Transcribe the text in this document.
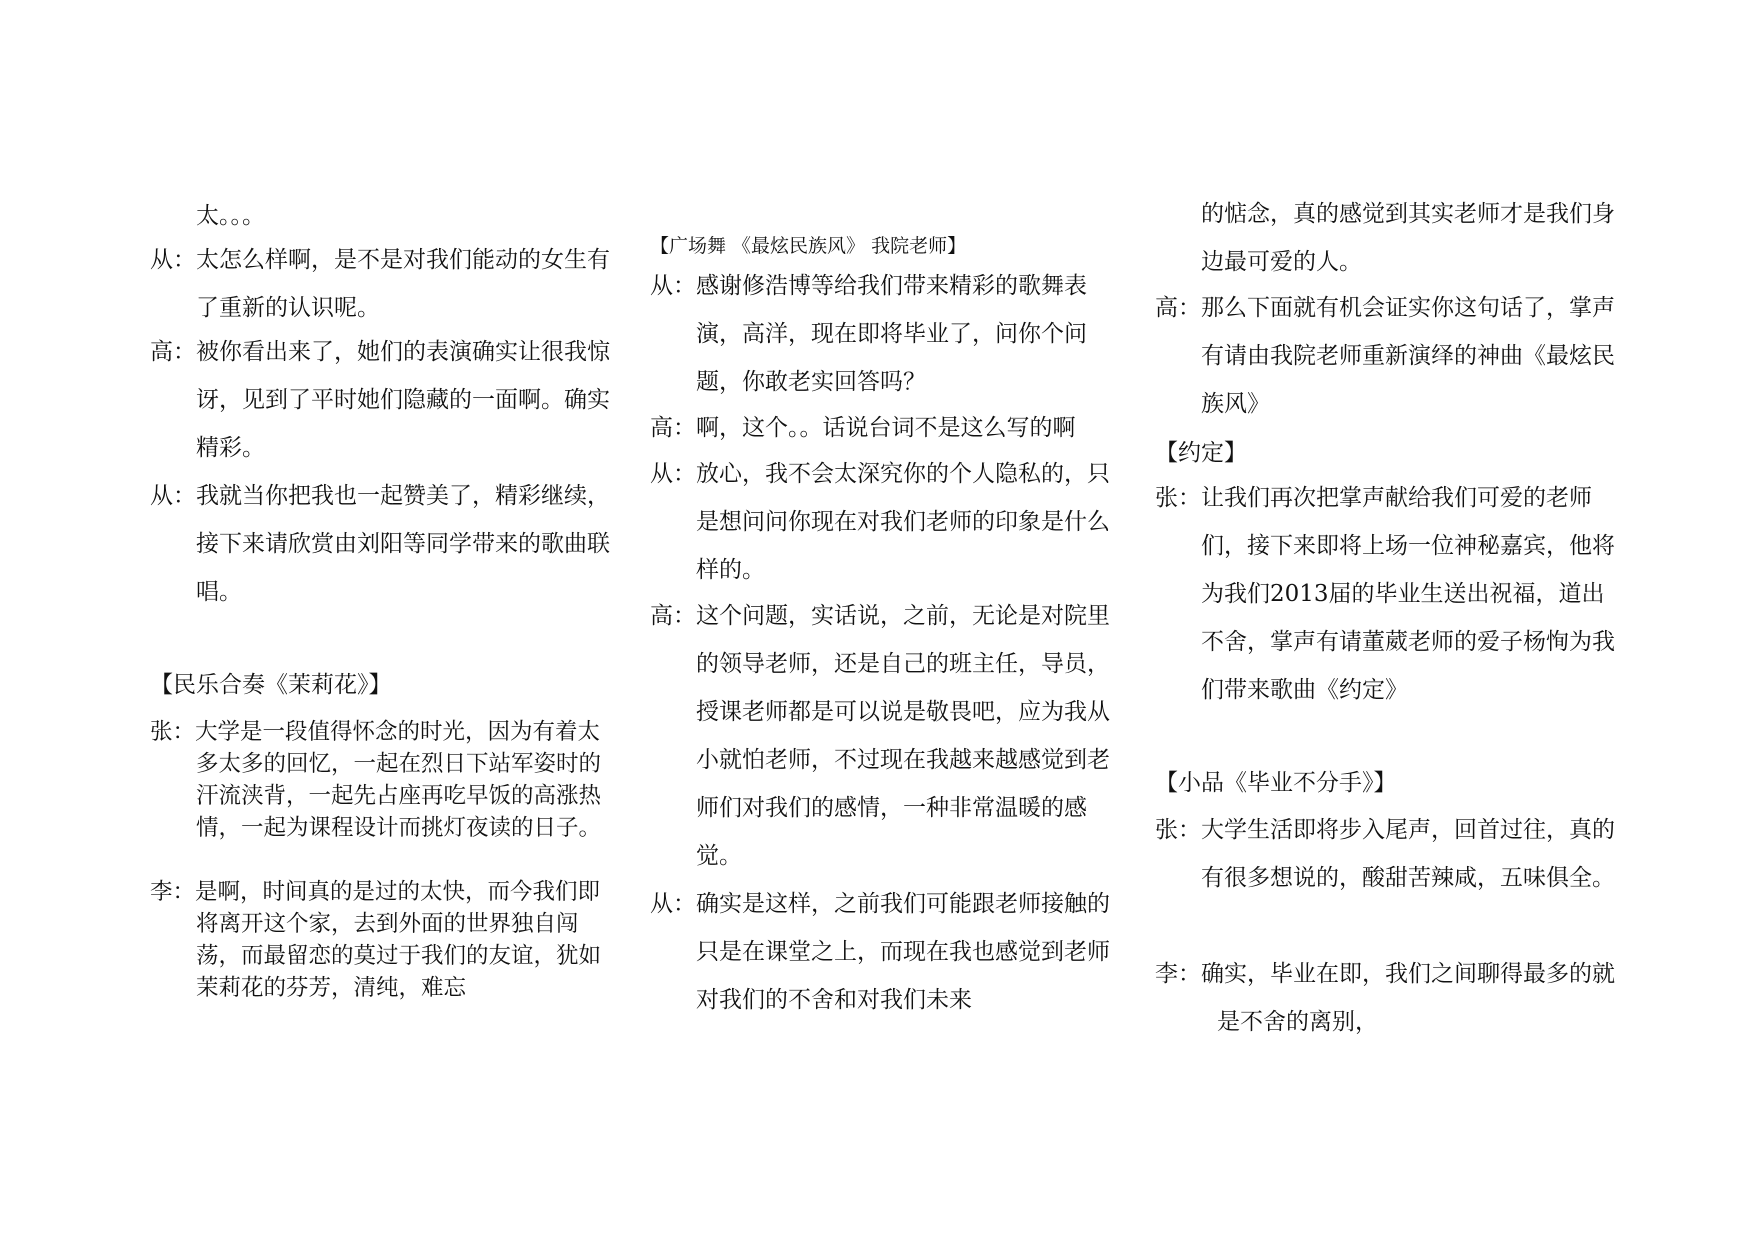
太。。。
从：太怎么样啊，是不是对我们能动的女生有了重新的认识呢。
高：被你看出来了，她们的表演确实让很我惊讶，见到了平时她们隐藏的一面啊。确实精彩。
从：我就当你把我也一起赞美了，精彩继续，接下来请欣赏由刘阳等同学带来的歌曲联唱。
【民乐合奏《茉莉花》】
张：大学是一段值得怀念的时光，因为有着太多太多的回忆，一起在烈日下站军姿时的汗流浃背，一起先占座再吃早饭的高涨热情，一起为课程设计而挑灯夜读的日子。
李：是啊，时间真的是过的太快，而今我们即将离开这个家，去到外面的世界独自闯荡，而最留恋的莫过于我们的友谊，犹如茉莉花的芬芳，清纯，难忘
【广场舞 《最炫民族风》 我院老师】
从：感谢修浩博等给我们带来精彩的歌舞表演，高洋，现在即将毕业了，问你个问题，你敢老实回答吗？
高：啊，这个。。话说台词不是这么写的啊
从：放心，我不会太深究你的个人隐私的，只是想问问你现在对我们老师的印象是什么样的。
高：这个问题，实话说，之前，无论是对院里的领导老师，还是自己的班主任，导员，授课老师都是可以说是敬畏吧，应为我从小就怕老师，不过现在我越来越感觉到老师们对我们的感情，一种非常温暖的感觉。
从：确实是这样，之前我们可能跟老师接触的只是在课堂之上，而现在我也感觉到老师对我们的不舍和对我们未来
的惦念，真的感觉到其实老师才是我们身边最可爱的人。
高：那么下面就有机会证实你这句话了，掌声有请由我院老师重新演绎的神曲《最炫民族风》
【约定】
张：让我们再次把掌声献给我们可爱的老师们，接下来即将上场一位神秘嘉宾，他将为我们2013届的毕业生送出祝福，道出不舍，掌声有请董葳老师的爱子杨恂为我们带来歌曲《约定》
【小品《毕业不分手》】
张：大学生活即将步入尾声，回首过往，真的有很多想说的，酸甜苦辣咸，五味俱全。
李：确实，毕业在即，我们之间聊得最多的就是不舍的离别，
